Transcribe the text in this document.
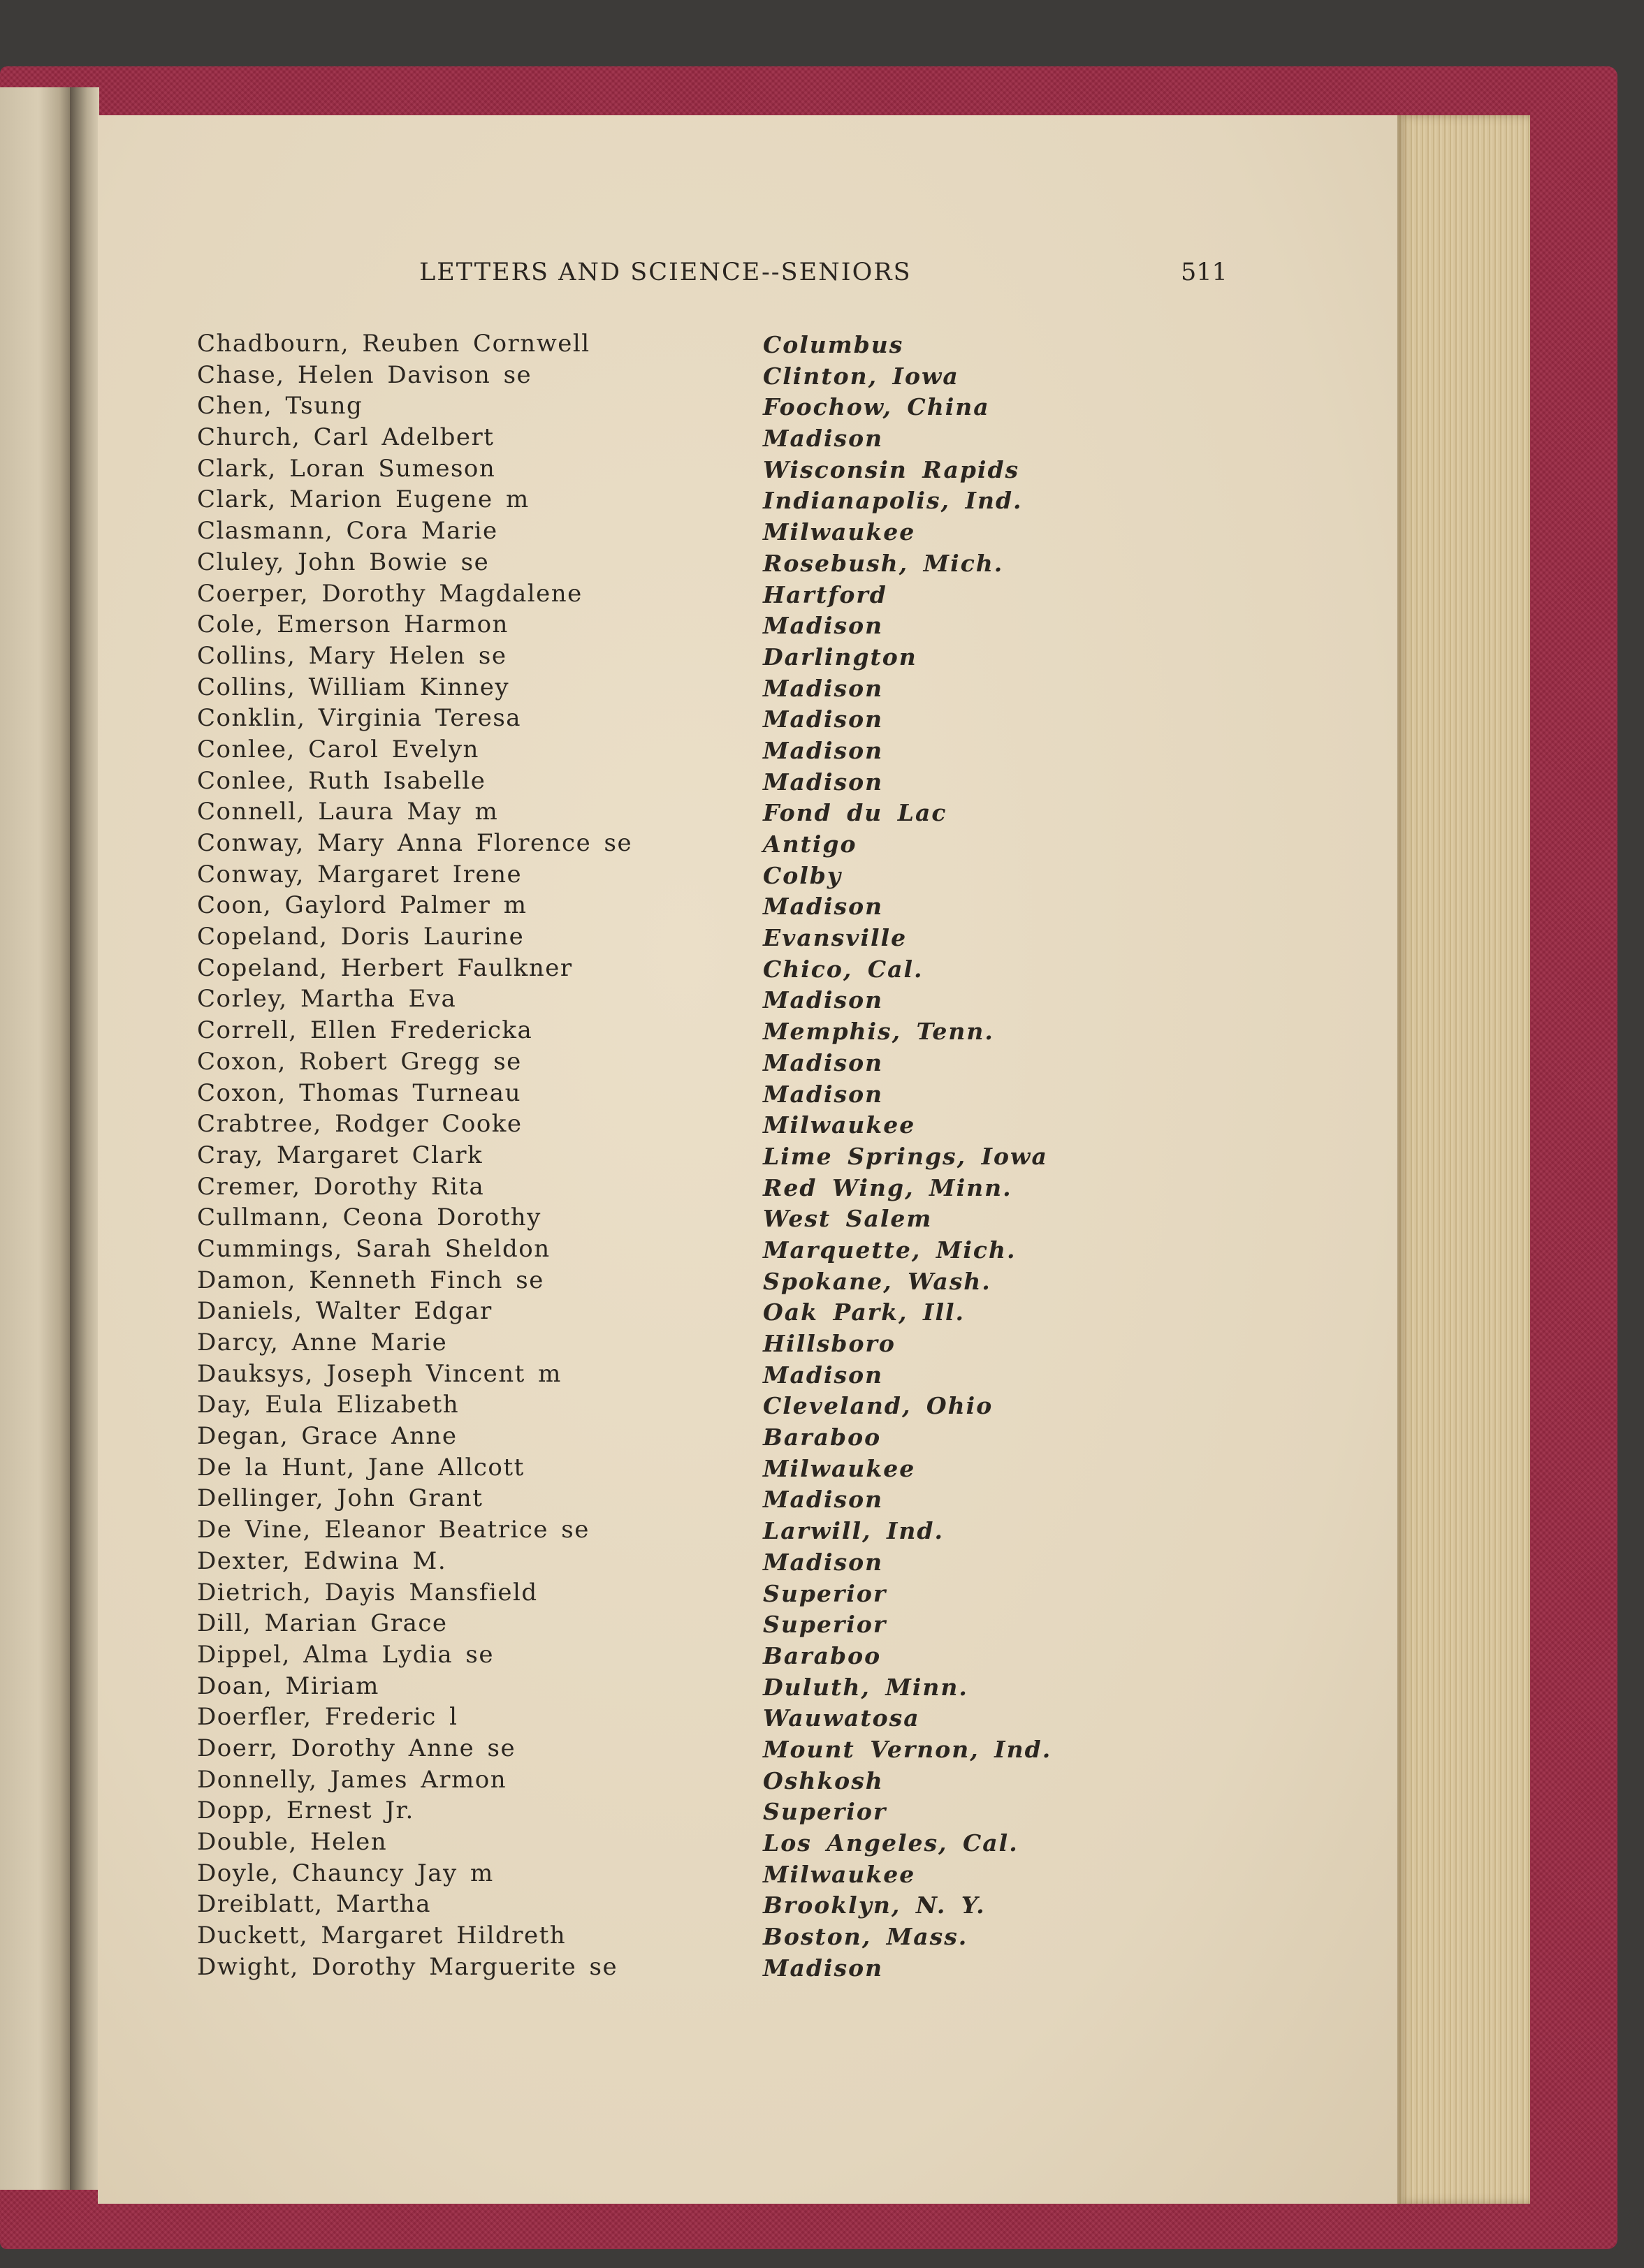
LETTERS AND SCIENCE--SENIORS	511
Chadbourn, Reuben Cornwell	Columbus
Chase, Helen Davison se	Clinton, Iowa
Chen, Tsung	Foochow, China
Church, Carl Adelbert	Madison
Clark, Loran Sumeson	Wisconsin Rapids
Clark, Marion Eugene m	Indianapolis, Ind.
Clasmann, Cora Marie	Milwaukee
Cluley, John Bowie se	Rosebush, Mich.
Coerper, Dorothy Magdalene	Hartford
Cole, Emerson Harmon	Madison
Collins, Mary Helen se	Darlington
Collins, William Kinney	Madison
Conklin, Virginia Teresa	Madison
Conlee, Carol Evelyn	Madison
Conlee, Ruth Isabelle	Madison
Connell, Laura May m	Fond du Lac
Conway, Mary Anna Florence se	Antigo
Conway, Margaret Irene	Colby
Coon, Gaylord Palmer m	Madison
Copeland, Doris Laurine	Evansville
Copeland, Herbert Faulkner	Chico, Cal.
Corley, Martha Eva	Madison
Correll, Ellen Fredericka	Memphis, Tenn.
Coxon, Robert Gregg se	Madison
Coxon, Thomas Turneau	Madison
Crabtree, Rodger Cooke	Milwaukee
Cray, Margaret Clark	Lime Springs, Iowa
Cremer, Dorothy Rita	Red Wing, Minn.
Cullmann, Ceona Dorothy	West Salem
Cummings, Sarah Sheldon	Marquette, Mich.
Damon, Kenneth Finch se	Spokane, Wash.
Daniels, Walter Edgar	Oak Park, Ill.
Darcy, Anne Marie	Hillsboro
Dauksys, Joseph Vincent m	Madison
Day, Eula Elizabeth	Cleveland, Ohio
Degan, Grace Anne	Baraboo
De la Hunt, Jane Allcott	Milwaukee
Dellinger, John Grant	Madison
De Vine, Eleanor Beatrice se	Larwill, Ind.
Dexter, Edwina M.	Madison
Dietrich, Dayis Mansfield	Superior
Dill, Marian Grace	Superior
Dippel, Alma Lydia se	Baraboo
Doan, Miriam	Duluth, Minn.
Doerfler, Frederic l	Wauwatosa
Doerr, Dorothy Anne se	Mount Vernon, Ind.
Donnelly, James Armon	Oshkosh
Dopp, Ernest Jr.	Superior
Double, Helen	Los Angeles, Cal.
Doyle, Chauncy Jay m	Milwaukee
Dreiblatt, Martha	Brooklyn, N. Y.
Duckett, Margaret Hildreth	Boston, Mass.
Dwight, Dorothy Marguerite se	Madison
